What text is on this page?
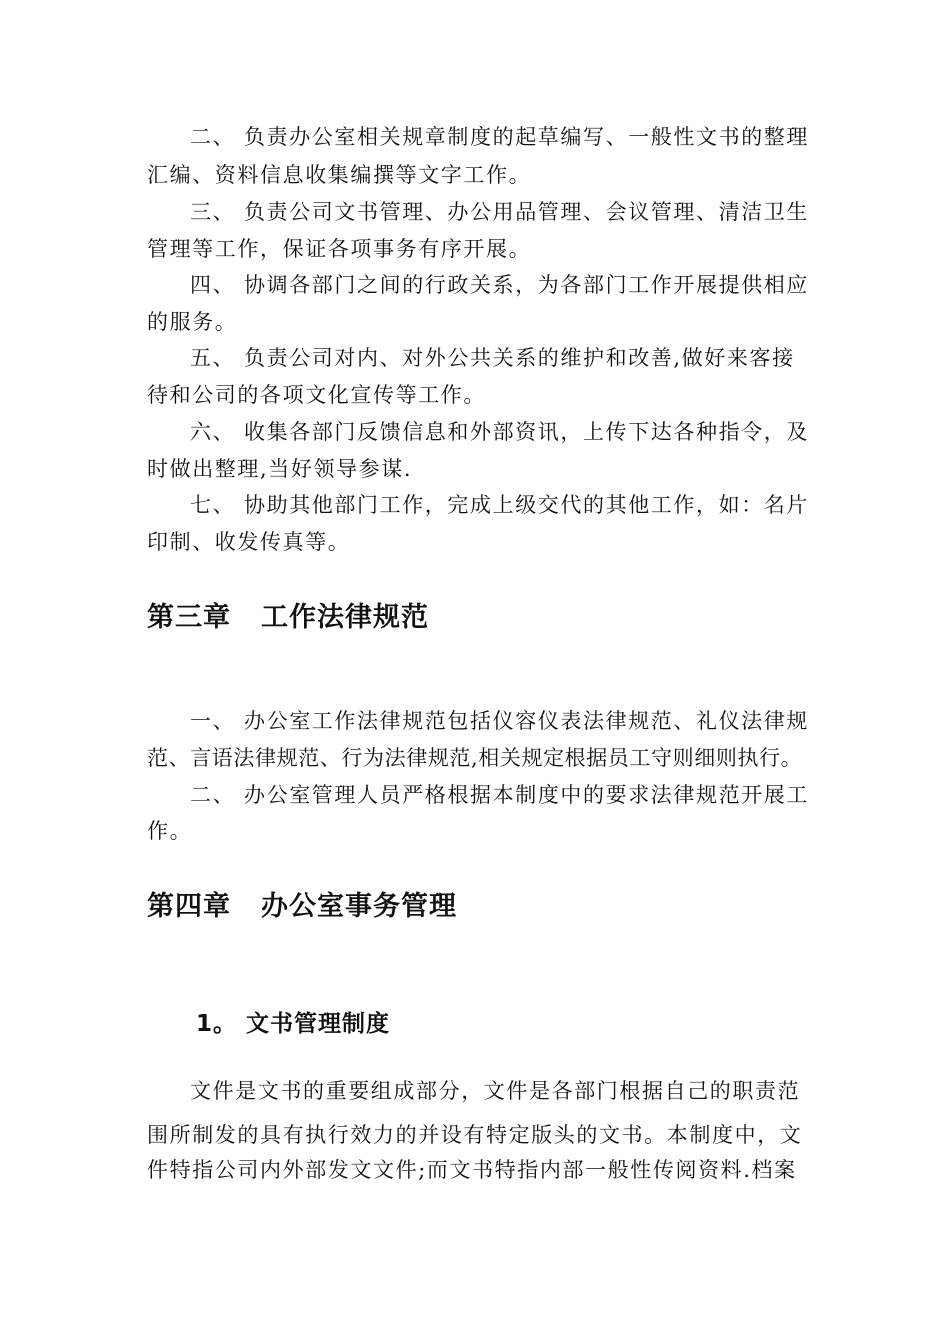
二、 负责办公室相关规章制度的起草编写、一般性文书的整理
汇编、资料信息收集编撰等文字工作。
三、 负责公司文书管理、办公用品管理、会议管理、清洁卫生
管理等工作，保证各项事务有序开展。
四、 协调各部门之间的行政关系，为各部门工作开展提供相应
的服务。
五、 负责公司对内、对外公共关系的维护和改善,做好来客接
待和公司的各项文化宣传等工作。
六、 收集各部门反馈信息和外部资讯，上传下达各种指令，及
时做出整理,当好领导参谋.
七、 协助其他部门工作，完成上级交代的其他工作，如：名片
印制、收发传真等。
第三章 工作法律规范
一、 办公室工作法律规范包括仪容仪表法律规范、礼仪法律规
范、言语法律规范、行为法律规范,相关规定根据员工守则细则执行。
二、 办公室管理人员严格根据本制度中的要求法律规范开展工
作。
第四章 办公室事务管理
1。 文书管理制度
文件是文书的重要组成部分，文件是各部门根据自己的职责范
围所制发的具有执行效力的并设有特定版头的文书。本制度中，文
件特指公司内外部发文文件;而文书特指内部一般性传阅资料.档案
